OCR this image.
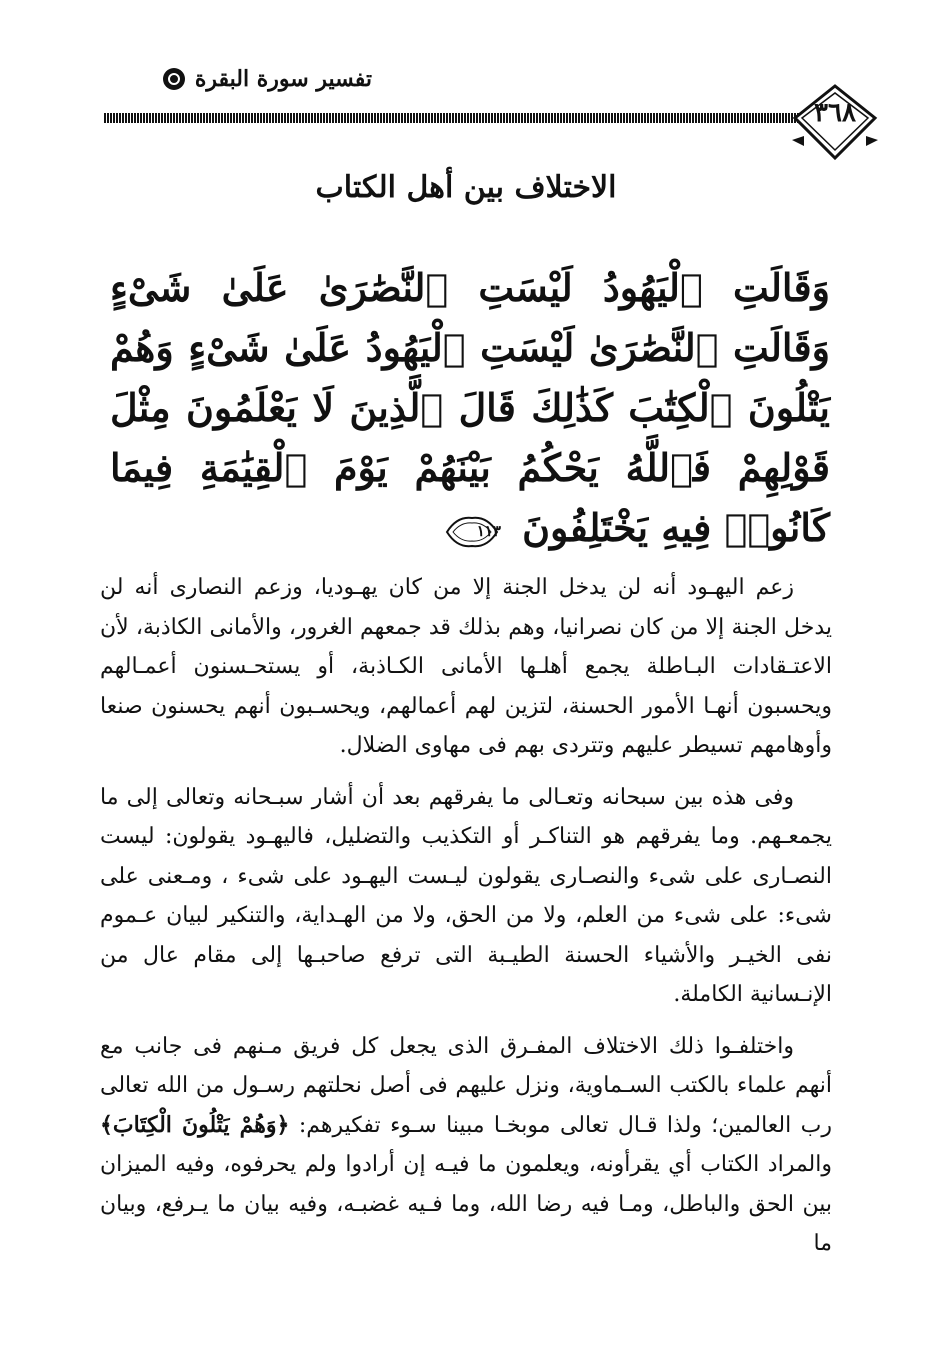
تفسير سورة البقرة
٣٦٨
الاختلاف بين أهل الكتاب
وَقَالَتِ ٱلْيَهُودُ لَيْسَتِ ٱلنَّصَٰرَىٰ عَلَىٰ شَىْءٍ وَقَالَتِ ٱلنَّصَٰرَىٰ لَيْسَتِ ٱلْيَهُودُ عَلَىٰ شَىْءٍ وَهُمْ يَتْلُونَ ٱلْكِتَٰبَ كَذَٰلِكَ قَالَ ٱلَّذِينَ لَا يَعْلَمُونَ مِثْلَ قَوْلِهِمْ فَٱللَّهُ يَحْكُمُ بَيْنَهُمْ يَوْمَ ٱلْقِيَٰمَةِ فِيمَا كَانُوا۟ فِيهِ يَخْتَلِفُونَ
١١٣

زعم اليهـود أنه لن يدخل الجنة إلا من كان يهـوديا، وزعم النصارى أنه لن يدخل الجنة إلا من كان نصرانيا، وهم بذلك قد جمعهم الغرور، والأمانى الكاذبة، لأن الاعتـقادات البـاطلة يجمع أهلـها الأمانى الكـاذبة، أو يستحـسنون أعمـالهم ويحسبون أنهـا الأمور الحسنة، لتزين لهم أعمالهم، ويحسـبون أنهم يحسنون صنعا وأوهامهم تسيطر عليهم وتتردى بهم فى مهاوى الضلال.

وفى هذه بين سبحانه وتعـالى ما يفرقهم بعد أن أشار سبـحانه وتعالى إلى ما يجمعـهم. وما يفرقهم هو التناكـر أو التكذيب والتضليل، فاليهـود يقولون: ليست النصـارى على شىء والنصـارى يقولون ليـست اليهـود على شىء ، ومـعنى على شىء: على شىء من العلم، ولا من الحق، ولا من الهـداية، والتنكير لبيان عـموم نفى الخيـر والأشياء الحسنة الطيـبة التى ترفع صاحبـها إلى مقام عال من الإنـسانية الكاملة.

واختلفـوا ذلك الاختلاف المفـرق الذى يجعل كل فريق مـنهم فى جانب مع أنهم علماء بالكتب السـماوية، ونزل عليهم فى أصل نحلتهم رسـول من الله تعالى رب العالمين؛ ولذا قـال تعالى موبخـا مبينا سـوء تفكيرهم: ﴿وَهُمْ يَتْلُونَ الْكِتَابَ﴾ والمراد الكتاب أي يقرأونه، ويعلمون ما فيـه إن أرادوا ولم يحرفوه، وفيه الميزان بين الحق والباطل، ومـا فيه رضا الله، وما فـيه غضبـه، وفيه بيان ما يـرفع، وبيان ما
